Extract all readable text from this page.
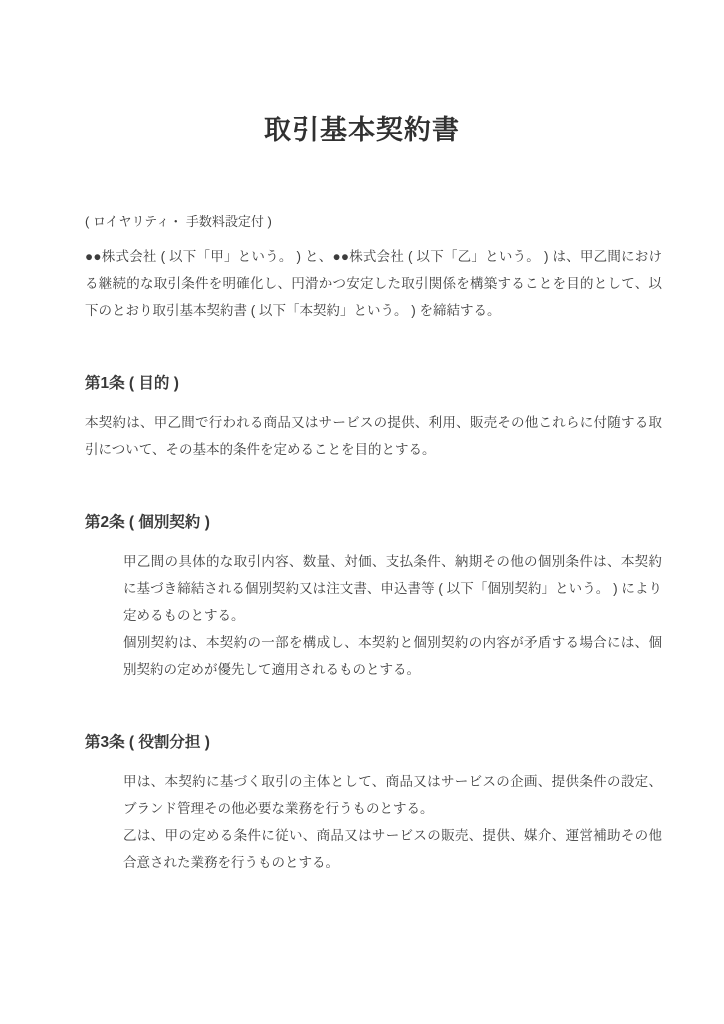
取引基本契約書

( ロイヤリティ・ 手数料設定付 )

●●株式会社 ( 以下「甲」という。 ) と、●●株式会社 ( 以下「乙」という。 ) は、甲乙間における継続的な取引条件を明確化し、円滑かつ安定した取引関係を構築することを目的として、以下のとおり取引基本契約書 ( 以下「本契約」という。 ) を締結する。

第1条 ( 目的 )

本契約は、甲乙間で行われる商品又はサービスの提供、利用、販売その他これらに付随する取引について、その基本的条件を定めることを目的とする。

第2条 ( 個別契約 )

甲乙間の具体的な取引内容、数量、対価、支払条件、納期その他の個別条件は、本契約に基づき締結される個別契約又は注文書、申込書等 ( 以下「個別契約」という。 ) により定めるものとする。

個別契約は、本契約の一部を構成し、本契約と個別契約の内容が矛盾する場合には、個別契約の定めが優先して適用されるものとする。

第3条 ( 役割分担 )

甲は、本契約に基づく取引の主体として、商品又はサービスの企画、提供条件の設定、ブランド管理その他必要な業務を行うものとする。

乙は、甲の定める条件に従い、商品又はサービスの販売、提供、媒介、運営補助その他合意された業務を行うものとする。
